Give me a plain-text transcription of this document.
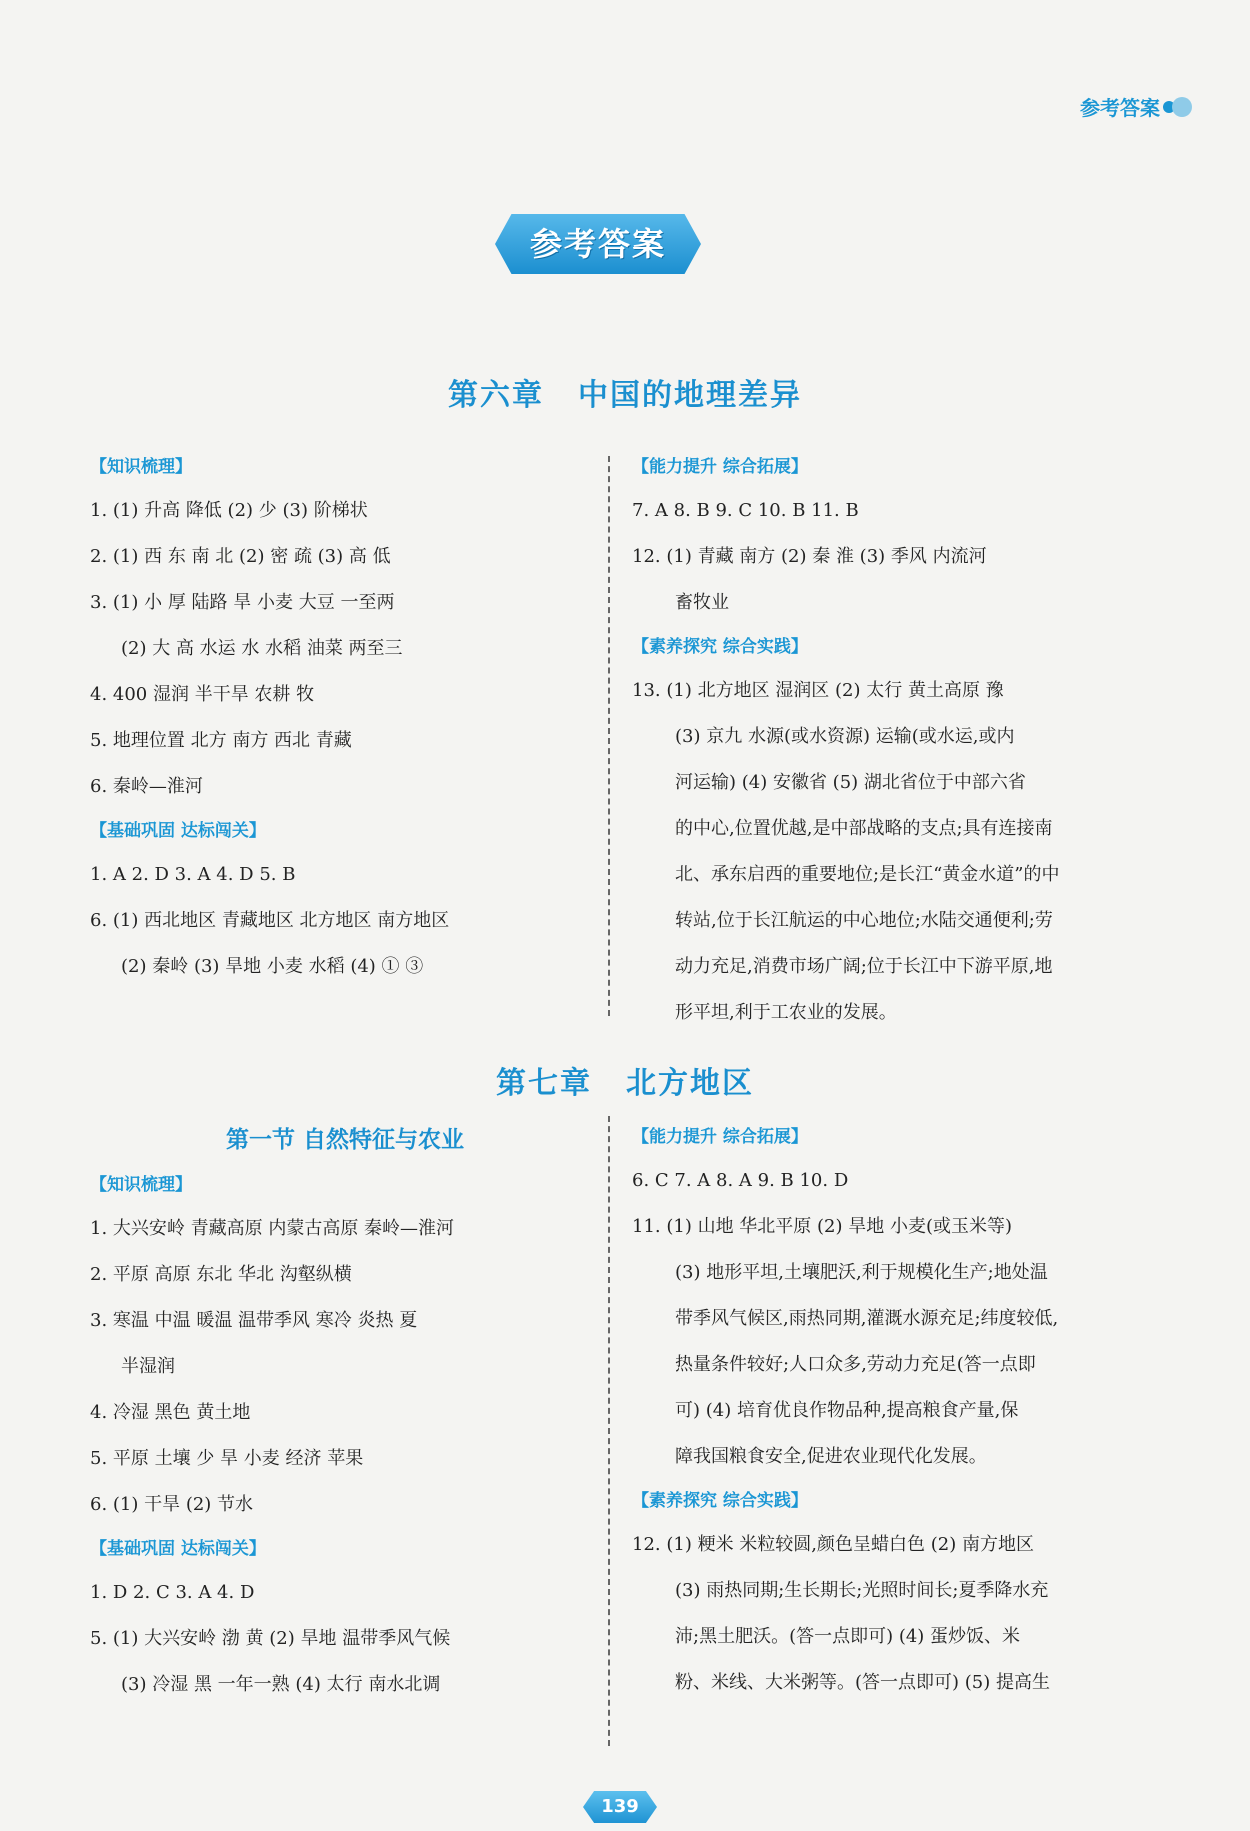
参考答案
参考答案
第六章 中国的地理差异
【知识梳理】
1. (1) 升高 降低 (2) 少 (3) 阶梯状
2. (1) 西 东 南 北 (2) 密 疏 (3) 高 低
3. (1) 小 厚 陆路 旱 小麦 大豆 一至两
(2) 大 高 水运 水 水稻 油菜 两至三
4. 400 湿润 半干旱 农耕 牧
5. 地理位置 北方 南方 西北 青藏
6. 秦岭—淮河
【基础巩固 达标闯关】
1. A 2. D 3. A 4. D 5. B
6. (1) 西北地区 青藏地区 北方地区 南方地区
(2) 秦岭 (3) 旱地 小麦 水稻 (4) ① ③
【能力提升 综合拓展】
7. A 8. B 9. C 10. B 11. B
12. (1) 青藏 南方 (2) 秦 淮 (3) 季风 内流河
畜牧业
【素养探究 综合实践】
13. (1) 北方地区 湿润区 (2) 太行 黄土高原 豫
(3) 京九 水源(或水资源) 运输(或水运,或内
河运输) (4) 安徽省 (5) 湖北省位于中部六省
的中心,位置优越,是中部战略的支点;具有连接南
北、承东启西的重要地位;是长江“黄金水道”的中
转站,位于长江航运的中心地位;水陆交通便利;劳
动力充足,消费市场广阔;位于长江中下游平原,地
形平坦,利于工农业的发展。
第七章 北方地区
第一节 自然特征与农业
【知识梳理】
1. 大兴安岭 青藏高原 内蒙古高原 秦岭—淮河
2. 平原 高原 东北 华北 沟壑纵横
3. 寒温 中温 暖温 温带季风 寒冷 炎热 夏
半湿润
4. 冷湿 黑色 黄土地
5. 平原 土壤 少 旱 小麦 经济 苹果
6. (1) 干旱 (2) 节水
【基础巩固 达标闯关】
1. D 2. C 3. A 4. D
5. (1) 大兴安岭 渤 黄 (2) 旱地 温带季风气候
(3) 冷湿 黑 一年一熟 (4) 太行 南水北调
【能力提升 综合拓展】
6. C 7. A 8. A 9. B 10. D
11. (1) 山地 华北平原 (2) 旱地 小麦(或玉米等)
(3) 地形平坦,土壤肥沃,利于规模化生产;地处温
带季风气候区,雨热同期,灌溉水源充足;纬度较低,
热量条件较好;人口众多,劳动力充足(答一点即
可) (4) 培育优良作物品种,提高粮食产量,保
障我国粮食安全,促进农业现代化发展。
【素养探究 综合实践】
12. (1) 粳米 米粒较圆,颜色呈蜡白色 (2) 南方地区
(3) 雨热同期;生长期长;光照时间长;夏季降水充
沛;黑土肥沃。(答一点即可) (4) 蛋炒饭、米
粉、米线、大米粥等。(答一点即可) (5) 提高生
139
